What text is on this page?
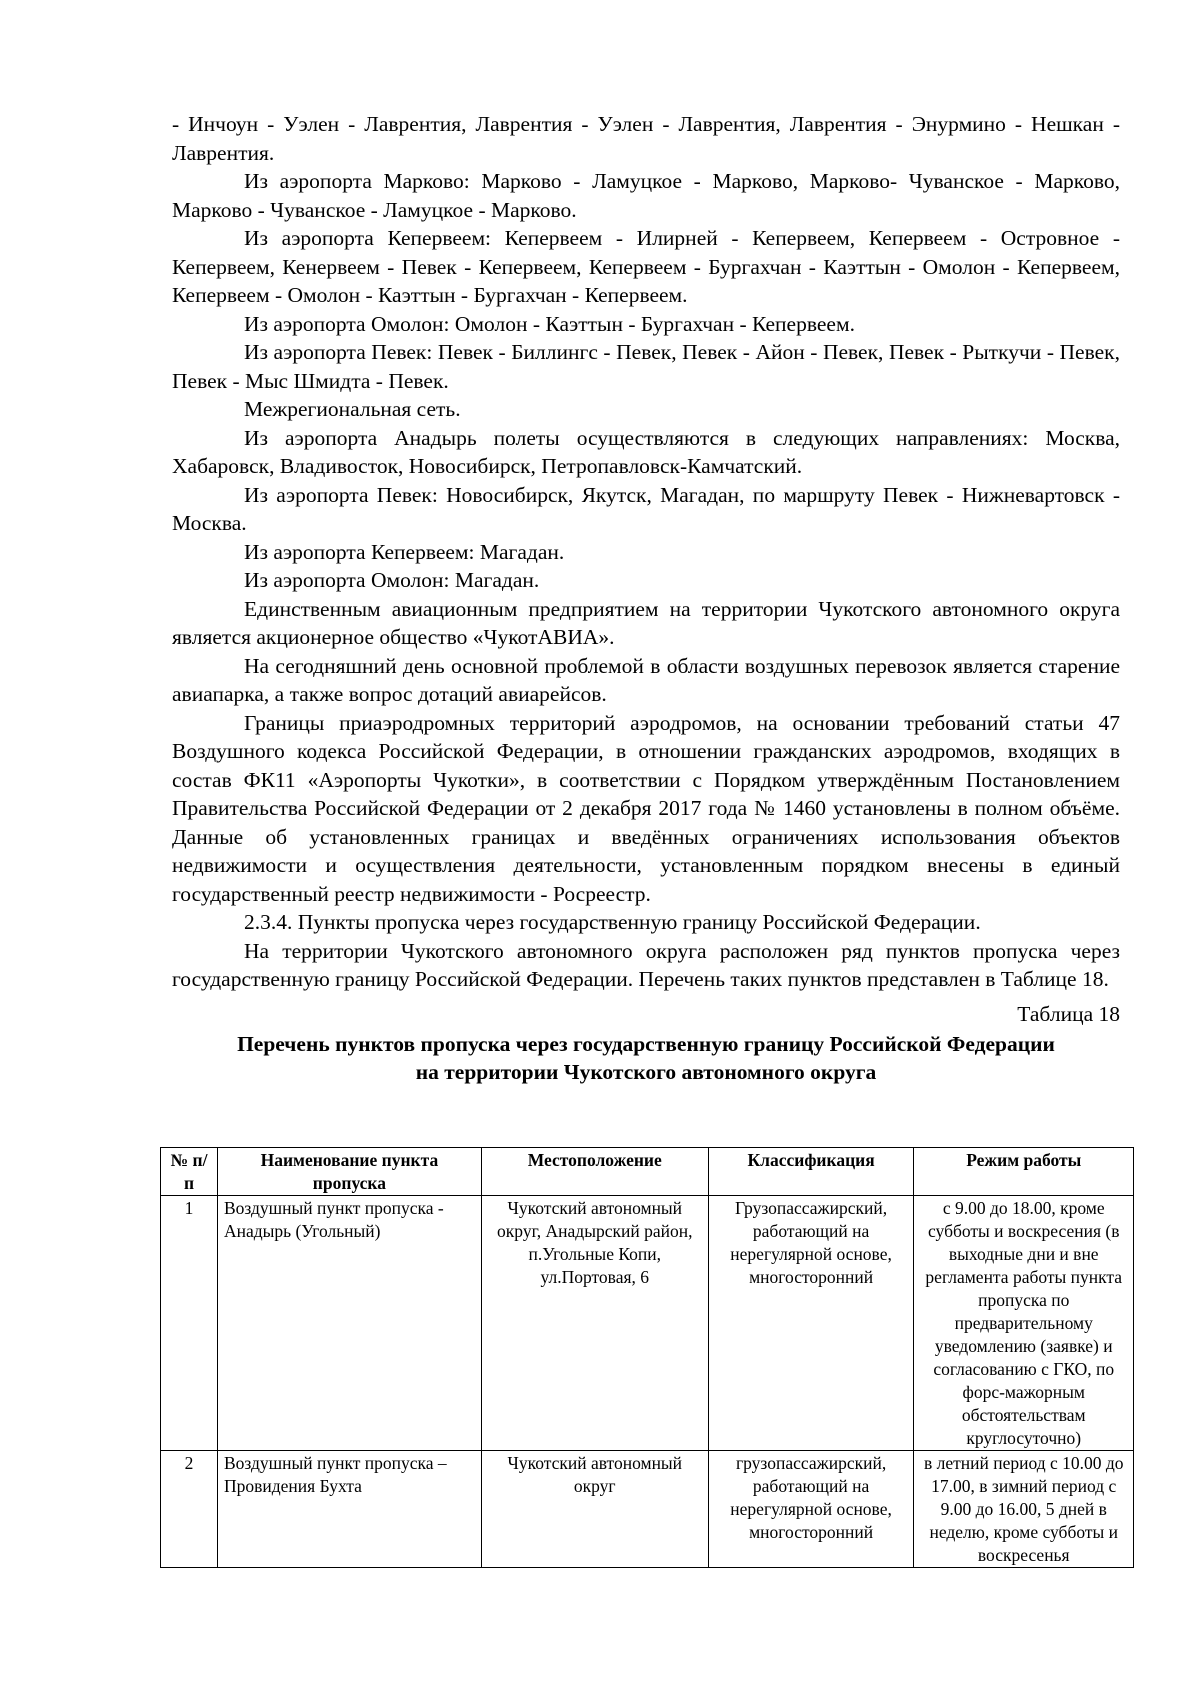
- Инчоун - Уэлен - Лаврентия, Лаврентия - Уэлен - Лаврентия, Лаврентия - Энурмино - Нешкан - Лаврентия.

Из аэропорта Марково: Марково - Ламуцкое - Марково, Марково- Чуванское - Марково, Марково - Чуванское - Ламуцкое - Марково.

Из аэропорта Кепервеем: Кепервеем - Илирней - Кепервеем, Кепервеем - Островное - Кепервеем, Кенервеем - Певек - Кепервеем, Кепервеем - Бургахчан - Каэттын - Омолон - Кепервеем, Кепервеем - Омолон - Каэттын - Бургахчан - Кепервеем.

Из аэропорта Омолон: Омолон - Каэттын - Бургахчан - Кепервеем.

Из аэропорта Певек: Певек - Биллингс - Певек, Певек - Айон - Певек, Певек - Рыткучи - Певек, Певек - Мыс Шмидта - Певек.

Межрегиональная сеть.

Из аэропорта Анадырь полеты осуществляются в следующих направлениях: Москва, Хабаровск, Владивосток, Новосибирск, Петропавловск-Камчатский.

Из аэропорта Певек: Новосибирск, Якутск, Магадан, по маршруту Певек - Нижневартовск - Москва.

Из аэропорта Кепервеем: Магадан.

Из аэропорта Омолон: Магадан.

Единственным авиационным предприятием на территории Чукотского автономного округа является акционерное общество «ЧукотАВИА».

На сегодняшний день основной проблемой в области воздушных перевозок является старение авиапарка, а также вопрос дотаций авиарейсов.

Границы приаэродромных территорий аэродромов, на основании требований статьи 47 Воздушного кодекса Российской Федерации, в отношении гражданских аэродромов, входящих в состав ФК11 «Аэропорты Чукотки», в соответствии с Порядком утверждённым Постановлением Правительства Российской Федерации от 2 декабря 2017 года № 1460 установлены в полном объёме. Данные об установленных границах и введённых ограничениях использования объектов недвижимости и осуществления деятельности, установленным порядком внесены в единый государственный реестр недвижимости - Росреестр.

2.3.4. Пункты пропуска через государственную границу Российской Федерации.

На территории Чукотского автономного округа расположен ряд пунктов пропуска через государственную границу Российской Федерации. Перечень таких пунктов представлен в Таблице 18.

Таблица 18
Перечень пунктов пропуска через государственную границу Российской Федерации
на территории Чукотского автономного округа
№ п/п	Наименование пункта пропуска	Местоположение	Классификация	Режим работы
1	Воздушный пункт пропуска - Анадырь (Угольный)	Чукотский автономный округ, Анадырский район, п.Угольные Копи, ул.Портовая, 6	Грузопассажирский, работающий на нерегулярной основе, многосторонний	с 9.00 до 18.00, кроме субботы и воскресения (в выходные дни и вне регламента работы пункта пропуска по предварительному уведомлению (заявке) и согласованию с ГКО, по форс-мажорным обстоятельствам круглосуточно)
2	Воздушный пункт пропуска – Провидения Бухта	Чукотский автономный округ	грузопассажирский, работающий на нерегулярной основе, многосторонний	в летний период с 10.00 до 17.00, в зимний период с 9.00 до 16.00, 5 дней в неделю, кроме субботы и воскресенья
